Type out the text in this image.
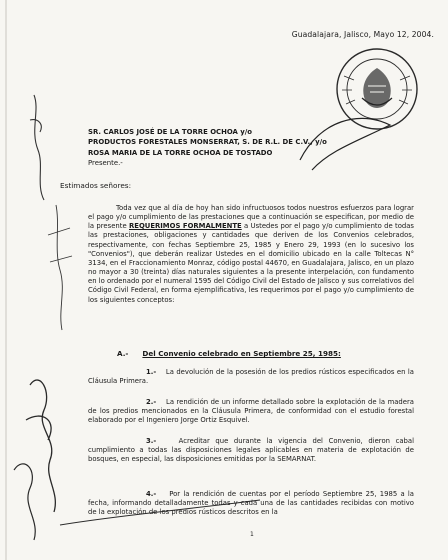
Guadalajara, Jalisco, Mayo 12, 2004.
SR. CARLOS JOSÉ DE LA TORRE OCHOA y/o
PRODUCTOS FORESTALES MONSERRAT, S. DE R.L. DE C.V., y/o
ROSA MARIA DE LA TORRE OCHOA DE TOSTADO
Presente.-
Estimados señores:
Toda vez que al día de hoy han sido infructuosos todos nuestros esfuerzos para lograr el pago y/o cumplimiento de las prestaciones que a continuación se especifican, por medio de la presente REQUERIMOS FORMALMENTE a Ustedes por el pago y/o cumplimiento de todas las prestaciones, obligaciones y cantidades que deriven de los Convenios celebrados, respectivamente, con fechas Septiembre 25, 1985 y Enero 29, 1993 (en lo sucesivo los "Convenios"), que deberán realizar Ustedes en el domicilio ubicado en la calle Toltecas N° 3134, en el Fraccionamiento Monraz, código postal 44670, en Guadalajara, Jalisco, en un plazo no mayor a 30 (treinta) días naturales siguientes a la presente interpelación, con fundamento en lo ordenado por el numeral 1595 del Código Civil del Estado de Jalisco y sus correlativos del Código Civil Federal, en forma ejemplificativa, les requerimos por el pago y/o cumplimiento de los siguientes conceptos:
A.- Del Convenio celebrado en Septiembre 25, 1985:
1.- La devolución de la posesión de los predios rústicos especificados en la Cláusula Primera.
2.- La rendición de un informe detallado sobre la explotación de la madera de los predios mencionados en la Cláusula Primera, de conformidad con el estudio forestal elaborado por el Ingeniero Jorge Ortiz Esquivel.
3.-	Acreditar que durante la vigencia del Convenio, dieron cabal cumplimiento a todas las disposiciones legales aplicables en materia de explotación de bosques, en especial, las disposiciones emitidas por la SEMARNAT.
4.- Por la rendición de cuentas por el período Septiembre 25, 1985 a la fecha, informando detalladamente todas y cada una de las cantidades recibidas con motivo de la explotación de los predios rústicos descritos en la
1
